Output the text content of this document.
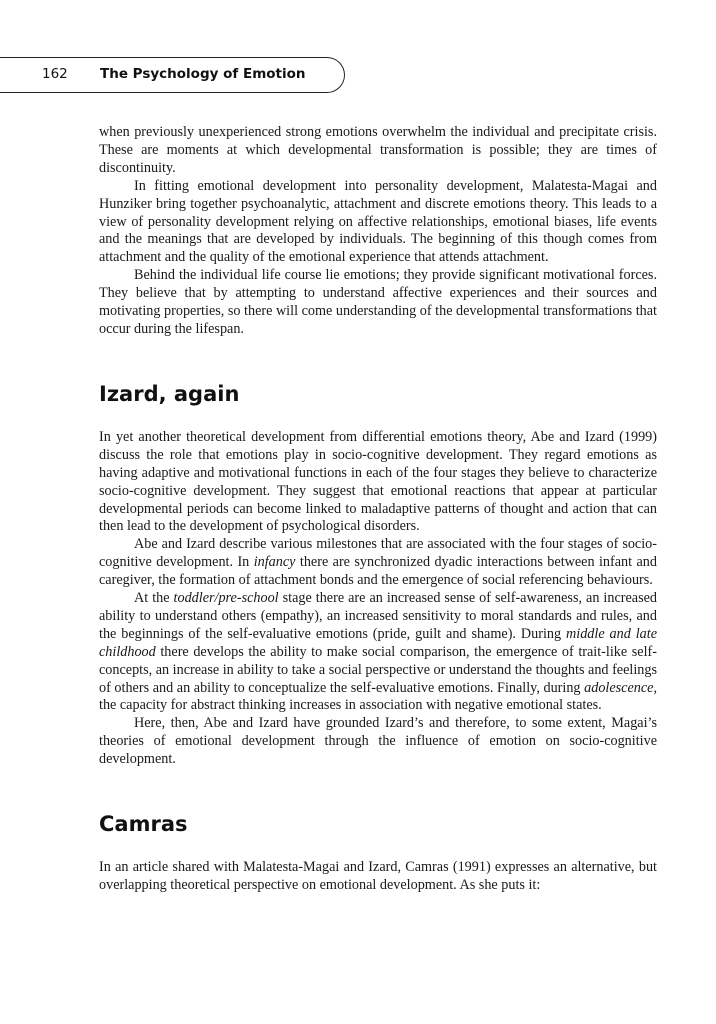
162 The Psychology of Emotion

when previously unexperienced strong emotions overwhelm the individual and precipitate crisis. These are moments at which developmental transformation is possible; they are times of discontinuity.

In fitting emotional development into personality development, Malatesta-Magai and Hunziker bring together psychoanalytic, attachment and discrete emotions theory. This leads to a view of personality development relying on affective relationships, emotional biases, life events and the meanings that are developed by individuals. The beginning of this though comes from attachment and the quality of the emotional experience that attends attachment.

Behind the individual life course lie emotions; they provide significant motivational forces. They believe that by attempting to understand affective experiences and their sources and motivating properties, so there will come understanding of the developmental transformations that occur during the lifespan.

Izard, again

In yet another theoretical development from differential emotions theory, Abe and Izard (1999) discuss the role that emotions play in socio-cognitive development. They regard emotions as having adaptive and motivational functions in each of the four stages they believe to characterize socio-cognitive development. They suggest that emotional reactions that appear at particular developmental periods can become linked to maladaptive patterns of thought and action that can then lead to the development of psychological disorders.

Abe and Izard describe various milestones that are associated with the four stages of socio-cognitive development. In infancy there are synchronized dyadic interactions between infant and caregiver, the formation of attachment bonds and the emergence of social referencing behaviours.

At the toddler/pre-school stage there are an increased sense of self-awareness, an increased ability to understand others (empathy), an increased sensitivity to moral standards and rules, and the beginnings of the self-evaluative emotions (pride, guilt and shame). During middle and late childhood there develops the ability to make social comparison, the emergence of trait-like self-concepts, an increase in ability to take a social perspective or understand the thoughts and feelings of others and an ability to conceptualize the self-evaluative emotions. Finally, during adolescence, the capacity for abstract thinking increases in association with negative emotional states.

Here, then, Abe and Izard have grounded Izard’s and therefore, to some extent, Magai’s theories of emotional development through the influence of emotion on socio-cognitive development.

Camras

In an article shared with Malatesta-Magai and Izard, Camras (1991) expresses an alternative, but overlapping theoretical perspective on emotional development. As she puts it:
